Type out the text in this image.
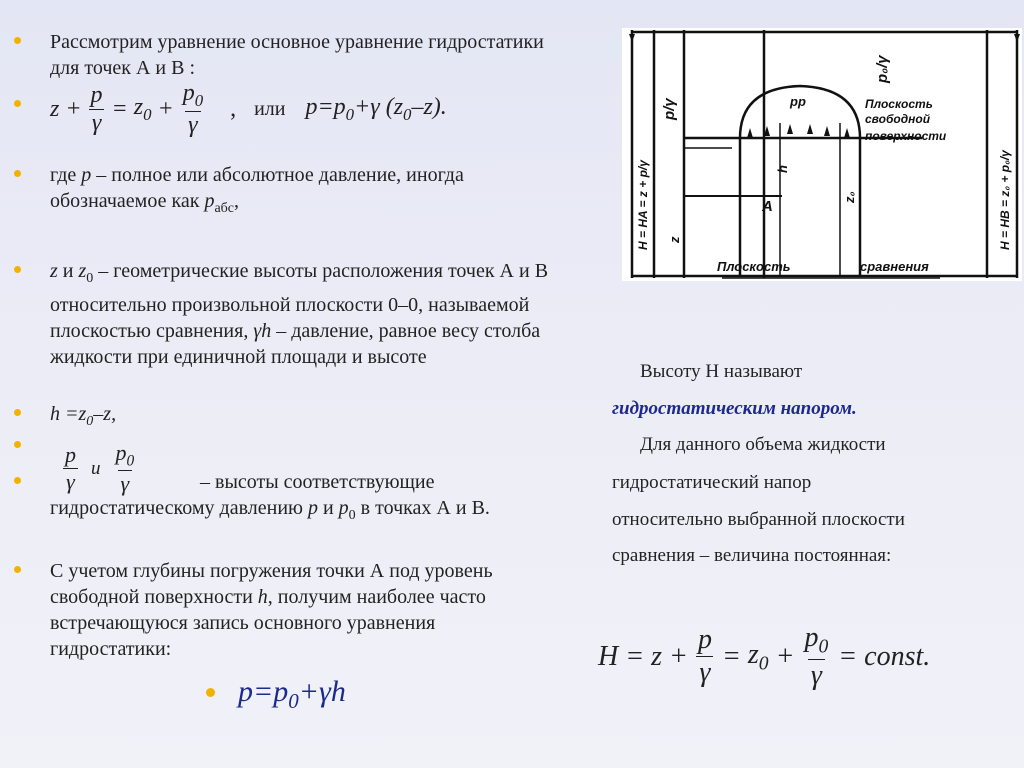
Рассмотрим уравнение основное уравнение гидростатики для точек А и В :
$z + \frac{p}{\gamma} = z_0 + \frac{p_0}{\gamma}$ , или $p=p_0+\gamma$ $(z_0-z)$.
где p – полное или абсолютное давление, иногда обозначаемое как $p_{абс}$,
z и $z_0$ – геометрические высоты расположения точек А и В относительно произвольной плоскости 0–0, называемой плоскостью сравнения, γh – давление, равное весу столба жидкости при единичной площади и высоте
$h =z_0-z$,
$\frac{p}{\gamma}$ и $\frac{p_0}{\gamma}$	– высоты соответствующие гидростатическому давлению p и $p_0$ в точках А и В.
С учетом глубины погружения точки А под уровень свободной поверхности h, получим наиболее часто встречающуюся запись основного уравнения гидростатики:
$p=p_0+\gamma h$
p/γ
p₀/γ
pp	Плоскость
свободной
поверхности
h
A
z₀
z
Плоскость	сравнения
H = HA = z + p/γ	H = HB = z₀ + p₀/γ
Высоту Н называют
гидростатическим напором.
Для данного объема жидкости
гидростатический напор
относительно выбранной плоскости
сравнения – величина постоянная:
$H = z + \frac{p}{\gamma} = z_0 + \frac{p_0}{\gamma}$ = const.
